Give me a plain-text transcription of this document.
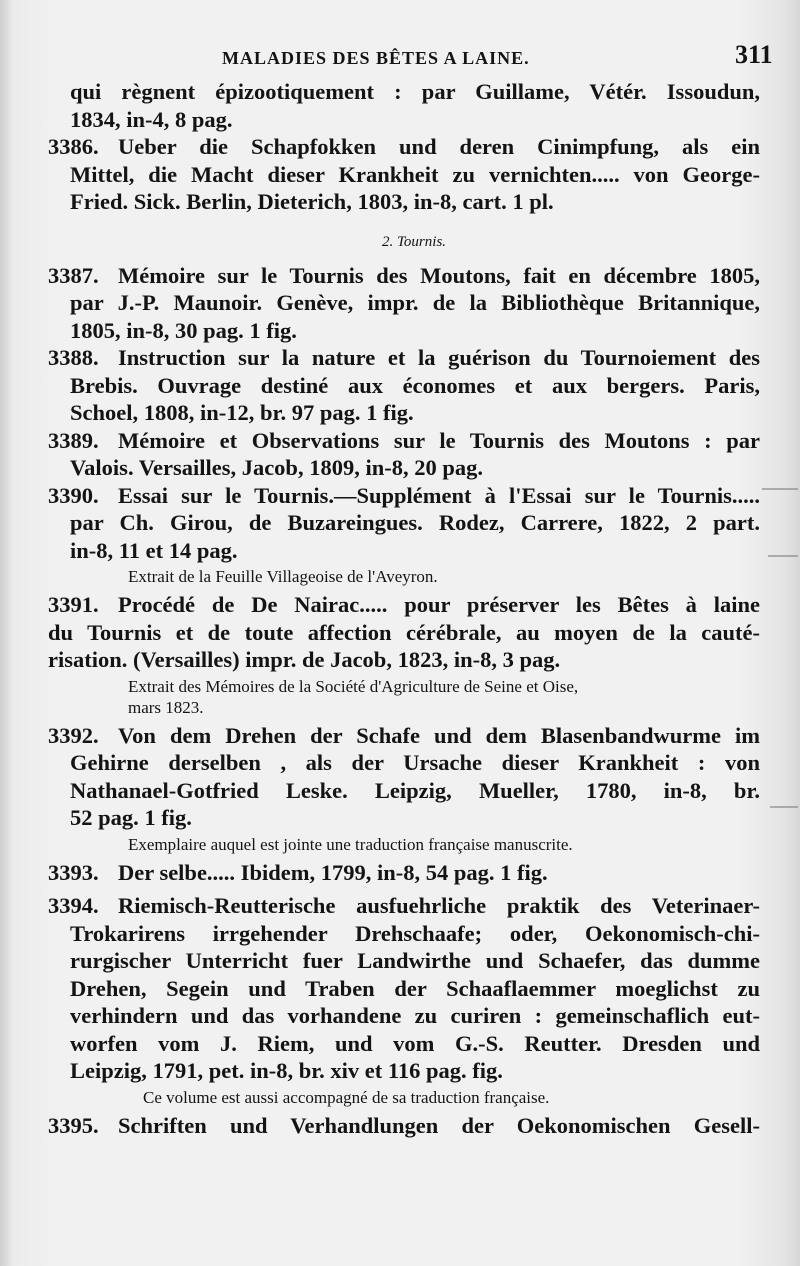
MALADIES DES BÊTES A LAINE.	311
qui règnent épizootiquement : par Guillame, Vétér. Issoudun,
1834, in-4, 8 pag.
3386. Ueber die Schapfokken und deren Cinimpfung, als ein
Mittel, die Macht dieser Krankheit zu vernichten..... von George-
Fried. Sick. Berlin, Dieterich, 1803, in-8, cart. 1 pl.
2. Tournis.
3387. Mémoire sur le Tournis des Moutons, fait en décembre 1805,
par J.-P. Maunoir. Genève, impr. de la Bibliothèque Britannique,
1805, in-8, 30 pag. 1 fig.
3388. Instruction sur la nature et la guérison du Tournoiement des
Brebis. Ouvrage destiné aux économes et aux bergers. Paris,
Schoel, 1808, in-12, br. 97 pag. 1 fig.
3389. Mémoire et Observations sur le Tournis des Moutons : par
Valois. Versailles, Jacob, 1809, in-8, 20 pag.
3390. Essai sur le Tournis.—Supplément à l'Essai sur le Tournis.....
par Ch. Girou, de Buzareingues. Rodez, Carrere, 1822, 2 part.
in-8, 11 et 14 pag.
Extrait de la Feuille Villageoise de l'Aveyron.
3391. Procédé de De Nairac..... pour préserver les Bêtes à laine
du Tournis et de toute affection cérébrale, au moyen de la cauté-
risation. (Versailles) impr. de Jacob, 1823, in-8, 3 pag.
Extrait des Mémoires de la Société d'Agriculture de Seine et Oise,
mars 1823.
3392. Von dem Drehen der Schafe und dem Blasenbandwurme im
Gehirne derselben , als der Ursache dieser Krankheit : von
Nathanael-Gotfried Leske. Leipzig, Mueller, 1780, in-8, br.
52 pag. 1 fig.
Exemplaire auquel est jointe une traduction française manuscrite.
3393. Der selbe..... Ibidem, 1799, in-8, 54 pag. 1 fig.
3394. Riemisch-Reutterische ausfuehrliche praktik des Veterinaer-
Trokarirens irrgehender Drehschaafe; oder, Oekonomisch-chi-
rurgischer Unterricht fuer Landwirthe und Schaefer, das dumme
Drehen, Segein und Traben der Schaaflaemmer moeglichst zu
verhindern und das vorhandene zu curiren : gemeinschaflich eut-
worfen vom J. Riem, und vom G.-S. Reutter. Dresden und
Leipzig, 1791, pet. in-8, br. xiv et 116 pag. fig.
Ce volume est aussi accompagné de sa traduction française.
3395. Schriften und Verhandlungen der Oekonomischen Gesell-
